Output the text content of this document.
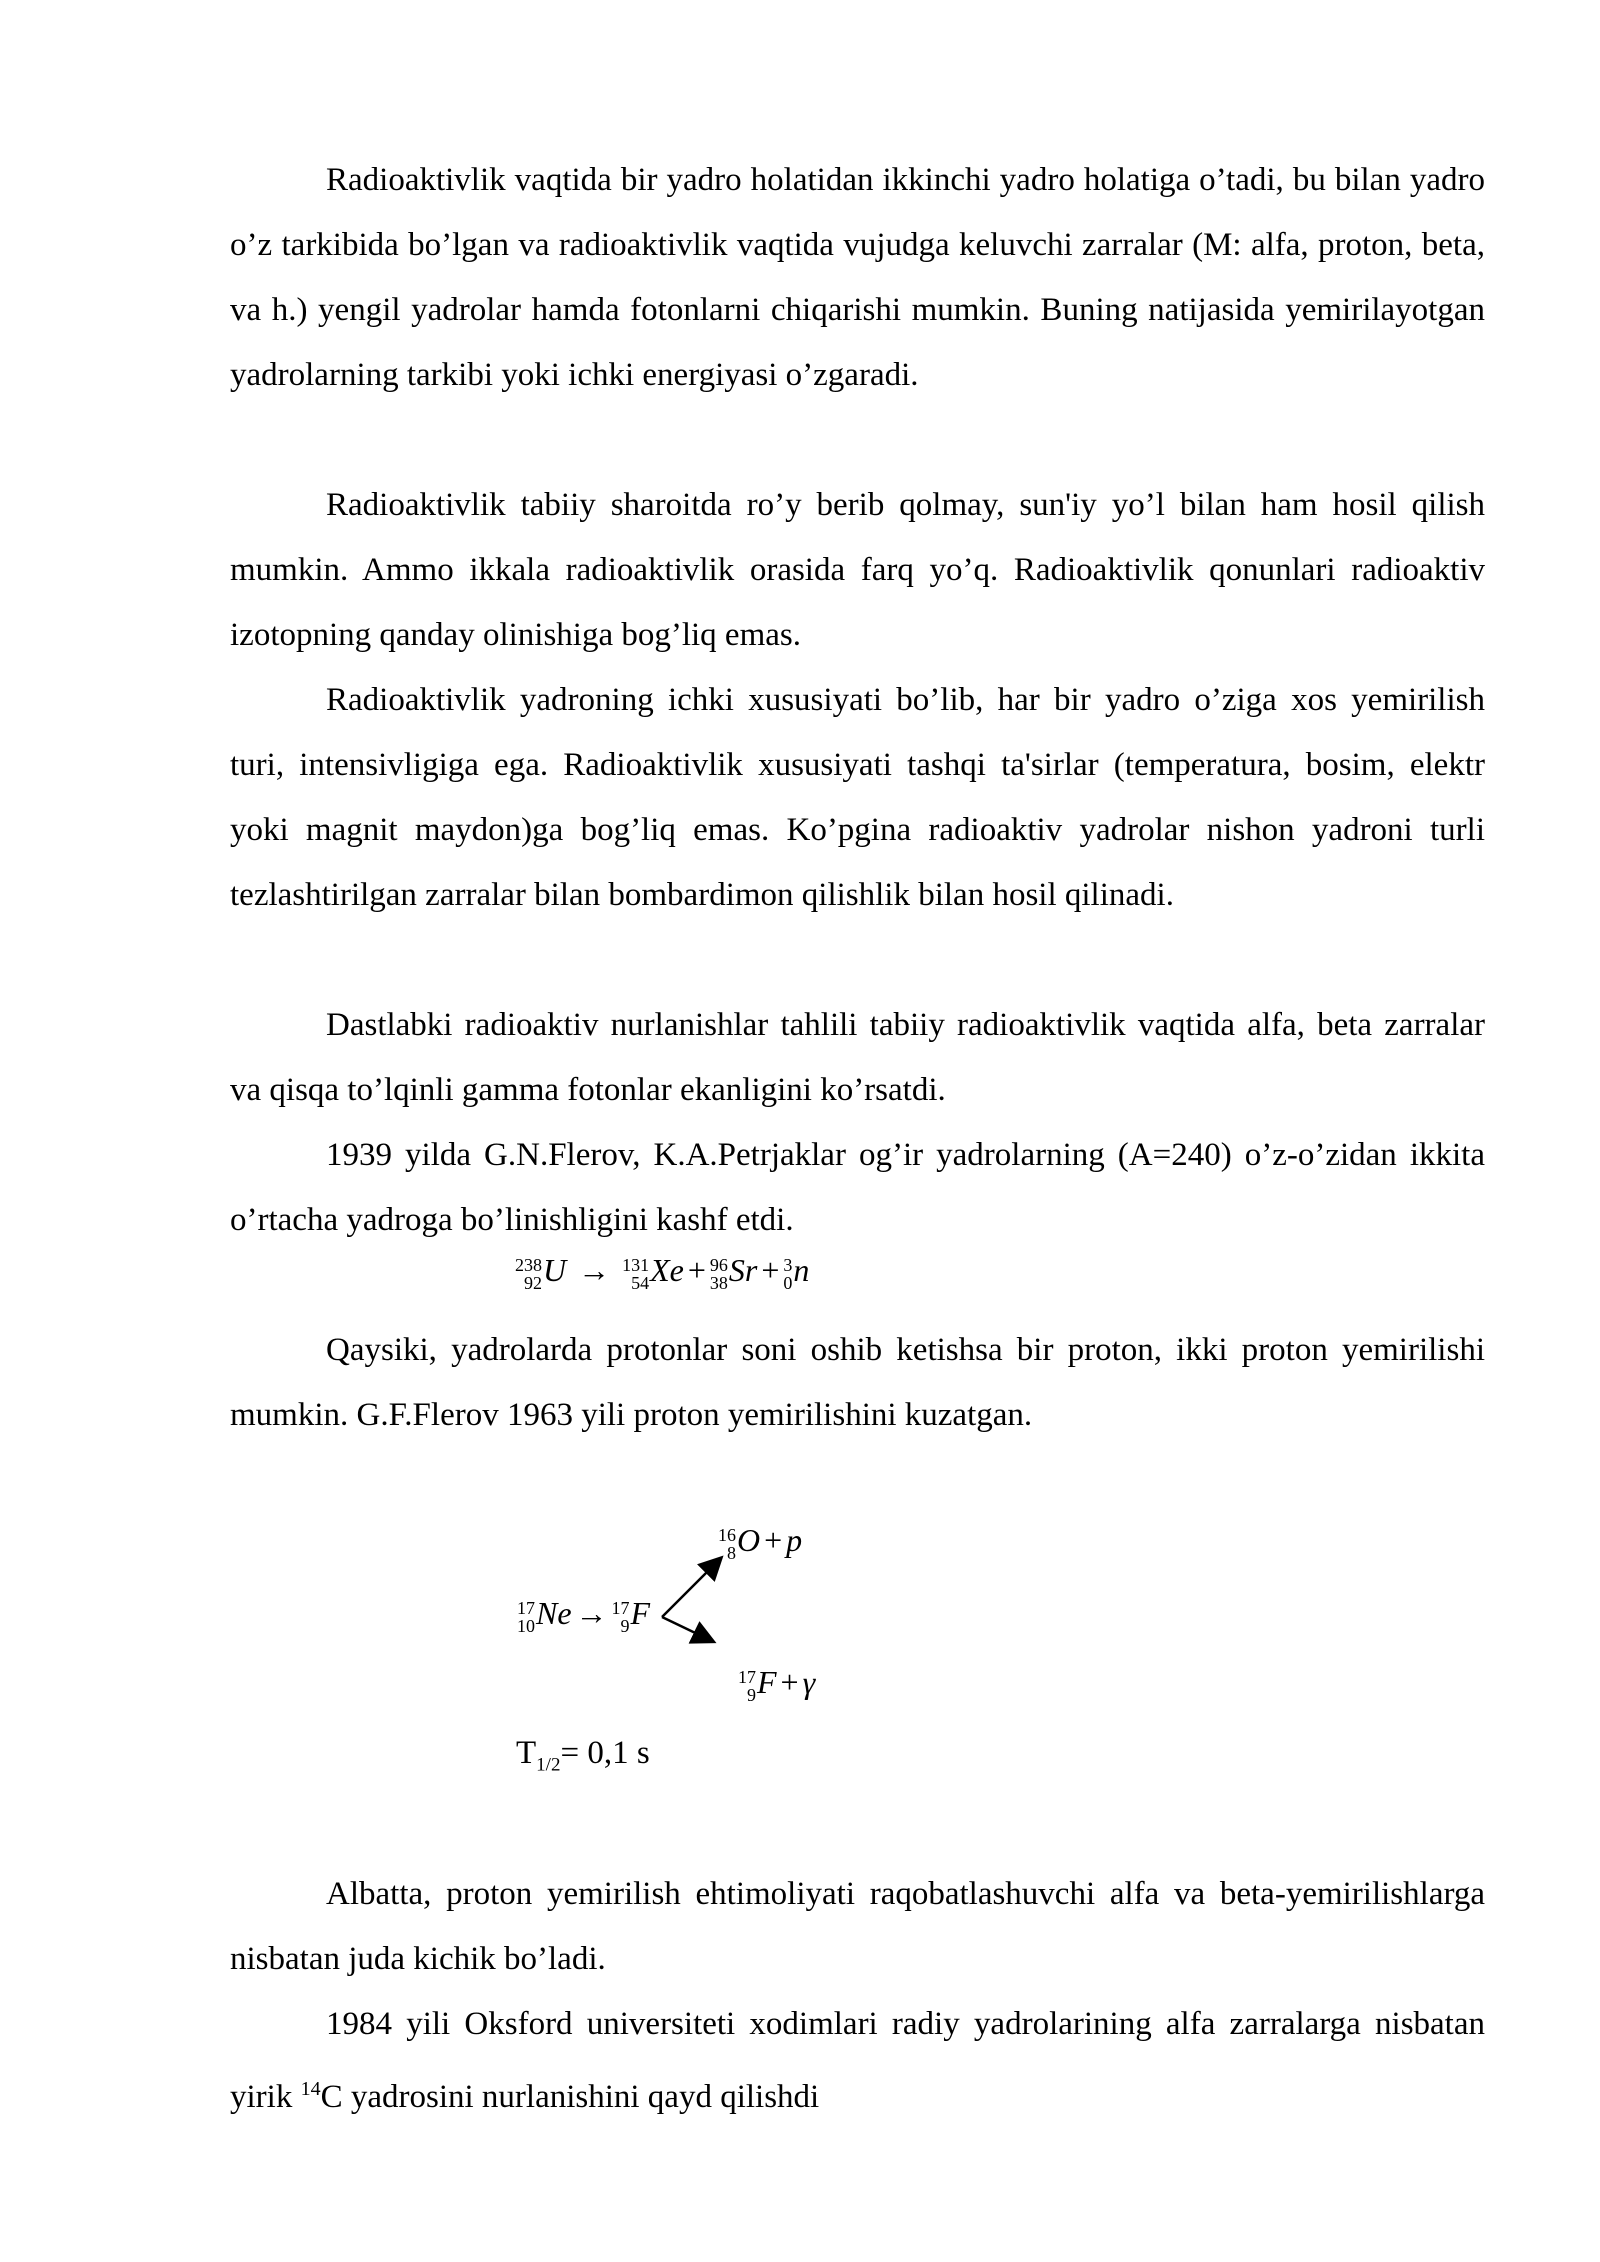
Radioaktivlik vaqtida bir yadro holatidan ikkinchi yadro holatiga o’tadi, bu bilan yadro o’z tarkibida bo’lgan va radioaktivlik vaqtida vujudga keluvchi zarralar (M: alfa, proton, beta, va h.) yengil yadrolar hamda fotonlarni chiqarishi mumkin. Buning natijasida yemirilayotgan yadrolarning tarkibi yoki ichki energiyasi o’zgaradi.

Radioaktivlik tabiiy sharoitda ro’y berib qolmay, sun'iy yo’l bilan ham hosil qilish mumkin. Ammo ikkala radioaktivlik orasida farq yo’q. Radioaktivlik qonunlari radioaktiv izotopning qanday olinishiga bog’liq emas.

Radioaktivlik yadroning ichki xususiyati bo’lib, har bir yadro o’ziga xos yemirilish turi, intensivligiga ega. Radioaktivlik xususiyati tashqi ta'sirlar (temperatura, bosim, elektr yoki magnit maydon)ga bog’liq emas. Ko’pgina radioaktiv yadrolar nishon yadroni turli tezlashtirilgan zarralar bilan bombardimon qilishlik bilan hosil qilinadi.

Dastlabki radioaktiv nurlanishlar tahlili tabiiy radioaktivlik vaqtida alfa, beta zarralar va qisqa to’lqinli gamma fotonlar ekanligini ko’rsatdi.

1939 yilda G.N.Flerov, K.A.Petrjaklar og’ir yadrolarning (A=240) o’z-o’zidan ikkita o’rtacha yadroga bo’linishligini kashf etdi.

238
92 U → 131
54 Xe + 96
38 Sr + 3
0 n

Qaysiki, yadrolarda protonlar soni oshib ketishsa bir proton, ikki proton yemirilishi mumkin. G.F.Flerov 1963 yili proton yemirilishini kuzatgan.

16
8 O + p
17
10 Ne → 17
9 F
17
9 F + γ
$T_{1/2}= 0,1$ s

Albatta, proton yemirilish ehtimoliyati raqobatlashuvchi alfa va beta-yemirilishlarga nisbatan juda kichik bo’ladi.

1984 yili Oksford universiteti xodimlari radiy yadrolarining alfa zarralarga nisbatan yirik $^{14}$C yadrosini nurlanishini qayd qilishdi
